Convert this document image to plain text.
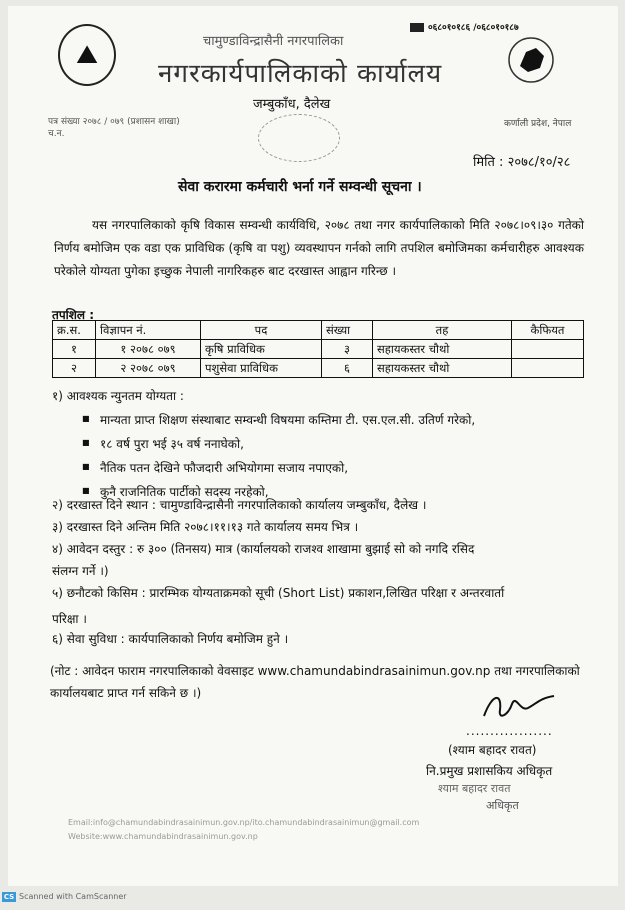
⛰
०६८०१०१८६ /०६८०१०१८७
चामुण्डाविन्द्रासैनी नगरपालिका
नगरकार्यपालिकाको कार्यालय
जम्बुकाँध, दैलेख
पत्र संख्या २०७८ / ०७९ (प्रशासन शाखा)
च.न.
कर्णाली प्रदेश, नेपाल
मिति : २०७८/१०/२८
सेवा करारमा कर्मचारी भर्ना गर्ने सम्वन्धी सूचना ।
यस नगरपालिकाको कृषि विकास सम्वन्धी कार्यविधि, २०७८ तथा नगर कार्यपालिकाको मिति २०७८।०९।३० गतेको निर्णय बमोजिम एक वडा एक प्राविधिक (कृषि वा पशु) व्यवस्थापन गर्नको लागि तपशिल बमोजिमका कर्मचारीहरु आवश्यक परेकोले योग्यता पुगेका इच्छुक नेपाली नागरिकहरु बाट दरखास्त आह्वान गरिन्छ ।
तपशिल :
क्र.स.	विज्ञापन नं.	पद	संख्या	तह	कैफियत
१	१ २०७८ ०७९	कृषि प्राविधिक	३	सहायकस्तर चौथो	
२	२ २०७८ ०७९	पशुसेवा प्राविधिक	६	सहायकस्तर चौथो	
१) आवश्यक न्युनतम योग्यता :
■ मान्यता प्राप्त शिक्षण संस्थाबाट सम्वन्धी विषयमा कम्तिमा टी. एस.एल.सी. उतिर्ण गरेको,
■ १८ वर्ष पुरा भई ३५ वर्ष ननाघेको,
■ नैतिक पतन देखिने फौजदारी अभियोगमा सजाय नपाएको,
■ कुनै राजनितिक पार्टीको सदस्य नरहेको,
२) दरखास्त दिने स्थान : चामुण्डाविन्द्रासैनी नगरपालिकाको कार्यालय जम्बुकाँध, दैलेख ।
३) दरखास्त दिने अन्तिम मिति २०७८।११।१३ गते कार्यालय समय भित्र ।
४) आवेदन दस्तुर : रु ३०० (तिनसय) मात्र (कार्यालयको राजश्व शाखामा बुझाई सो को नगदि रसिद
संलग्न गर्ने ।)
५) छनौटको किसिम : प्रारम्भिक योग्यताक्रमको सूची (Short List) प्रकाशन,लिखित परिक्षा र अन्तरवार्ता
परिक्षा ।
६) सेवा सुविधा : कार्यपालिकाको निर्णय बमोजिम हुने ।
(नोट : आवेदन फाराम नगरपालिकाको वेवसाइट www.chamundabindrasainimun.gov.np तथा नगरपालिकाको कार्यालयबाट प्राप्त गर्न सकिने छ ।)
..................
(श्याम बहादर रावत)
नि.प्रमुख प्रशासकिय अधिकृत
श्याम बहादर रावत
अधिकृत
Email:info@chamundabindrasainimun.gov.np/ito.chamundabindrasainimun@gmail.com
Website:www.chamundabindrasainimun.gov.np
CS Scanned with CamScanner
